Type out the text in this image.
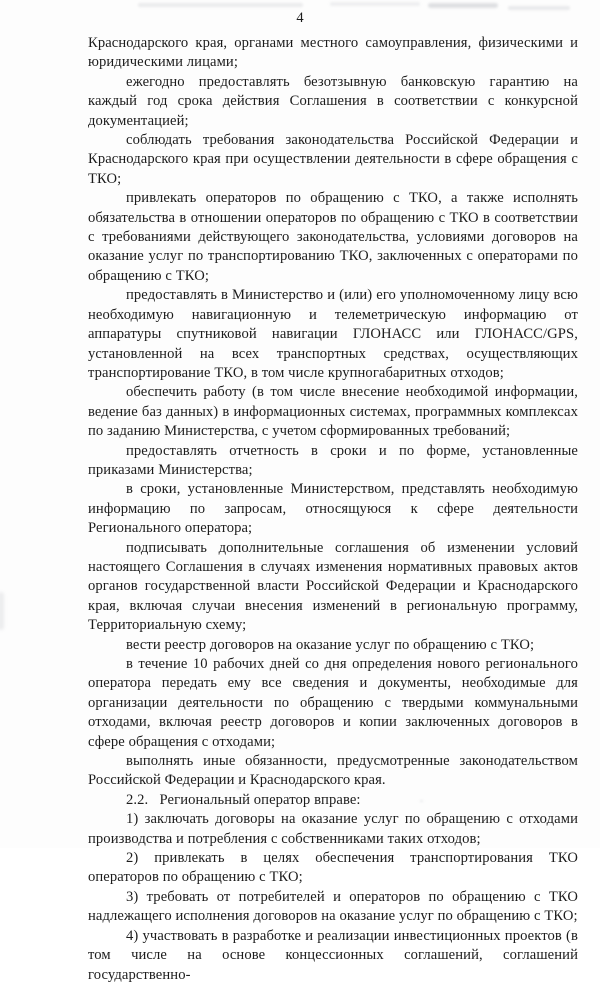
4

Краснодарского края, органами местного самоуправления, физическими и юридическими лицами;

ежегодно предоставлять безотзывную банковскую гарантию на каждый год срока действия Соглашения в соответствии с конкурсной документацией;

соблюдать требования законодательства Российской Федерации и Краснодарского края при осуществлении деятельности в сфере обращения с ТКО;

привлекать операторов по обращению с ТКО, а также исполнять обязательства в отношении операторов по обращению с ТКО в соответствии с требованиями действующего законодательства, условиями договоров на оказание услуг по транспортированию ТКО, заключенных с операторами по обращению с ТКО;

предоставлять в Министерство и (или) его уполномоченному лицу всю необходимую навигационную и телеметрическую информацию от аппаратуры спутниковой навигации ГЛОНАСС или ГЛОНАСС/GPS, установленной на всех транспортных средствах, осуществляющих транспортирование ТКО, в том числе крупногабаритных отходов;

обеспечить работу (в том числе внесение необходимой информации, ведение баз данных) в информационных системах, программных комплексах по заданию Министерства, с учетом сформированных требований;

предоставлять отчетность в сроки и по форме, установленные приказами Министерства;

в сроки, установленные Министерством, представлять необходимую информацию по запросам, относящуюся к сфере деятельности Регионального оператора;

подписывать дополнительные соглашения об изменении условий настоящего Соглашения в случаях изменения нормативных правовых актов органов государственной власти Российской Федерации и Краснодарского края, включая случаи внесения изменений в региональную программу, Территориальную схему;

вести реестр договоров на оказание услуг по обращению с ТКО;

в течение 10 рабочих дней со дня определения нового регионального оператора передать ему все сведения и документы, необходимые для организации деятельности по обращению с твердыми коммунальными отходами, включая реестр договоров и копии заключенных договоров в сфере обращения с отходами;

выполнять иные обязанности, предусмотренные законодательством Российской Федерации и Краснодарского края.

2.2.   Региональный оператор вправе:

1) заключать договоры на оказание услуг по обращению с отходами производства и потребления с собственниками таких отходов;

2) привлекать в целях обеспечения транспортирования ТКО операторов по обращению с ТКО;

3) требовать от потребителей и операторов по обращению с ТКО надлежащего исполнения договоров на оказание услуг по обращению с ТКО;

4) участвовать в разработке и реализации инвестиционных проектов (в том числе на основе концессионных соглашений, соглашений государственно-
